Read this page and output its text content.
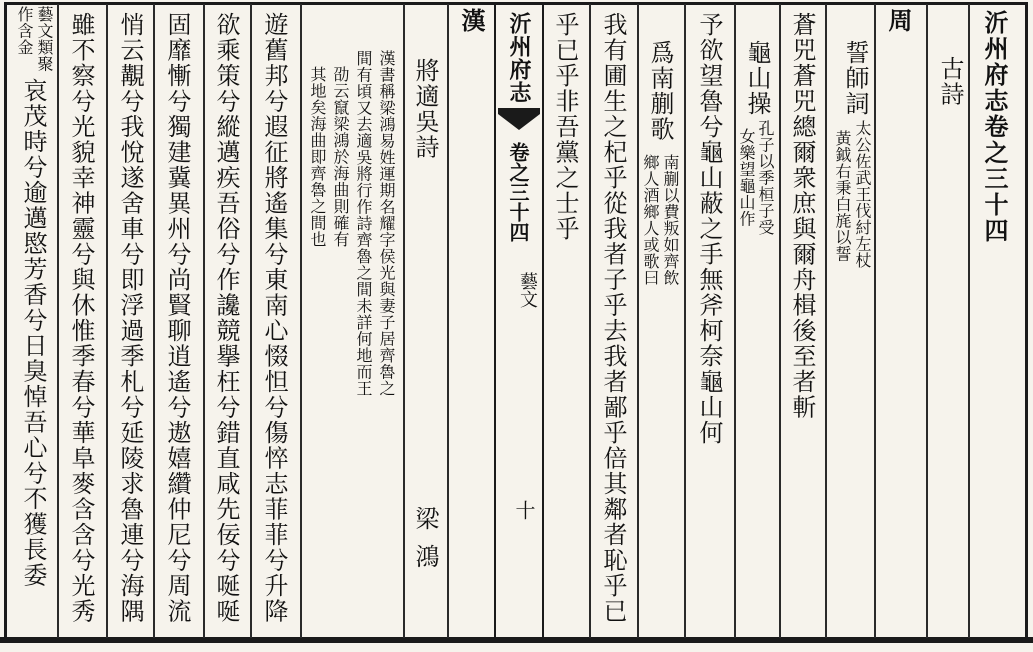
沂州府志卷之三十四
古詩
周
誓師詞
太公佐武王伐紂左杖
黃鉞右秉白旄以誓
蒼兕蒼兕總爾衆庶與爾舟楫後至者斬
龜山操
孔子以季桓子受
女樂望龜山作
予欲望魯兮龜山蔽之手無斧柯奈龜山何
爲南蒯歌
南蒯以費叛如齊飲
鄉人酒鄉人或歌曰
我有圃生之杞乎從我者子乎去我者鄙乎倍其鄰者恥乎已
乎已乎非吾黨之士乎
沂州府志
卷之三十四
藝文
十
漢
將適吳詩
梁鴻
漢書稱梁鴻易姓運期名耀字侯光與妻子居齊魯之
間有頃又去適吳將行作詩齊魯之間未詳何地而王
劭云竄梁鴻於海曲則確有
其地矣海曲即齊魯之間也
遊舊邦兮遐征將遙集兮東南心惙怛兮傷悴志菲菲兮升降
欲乘策兮縱邁疾吾俗兮作讒競擧枉兮錯直咸先佞兮唌唌
固靡慚兮獨建冀異州兮尚賢聊逍遙兮遨嬉纘仲尼兮周流
悄云覯兮我悅遂舍車兮即浮過季札兮延陵求魯連兮海隅
雖不察兮光貌幸神靈兮與休惟季春兮華阜麥含含兮光秀
藝文類聚
作含金
哀茂時兮逾邁愍芳香兮日臭悼吾心兮不獲長委
